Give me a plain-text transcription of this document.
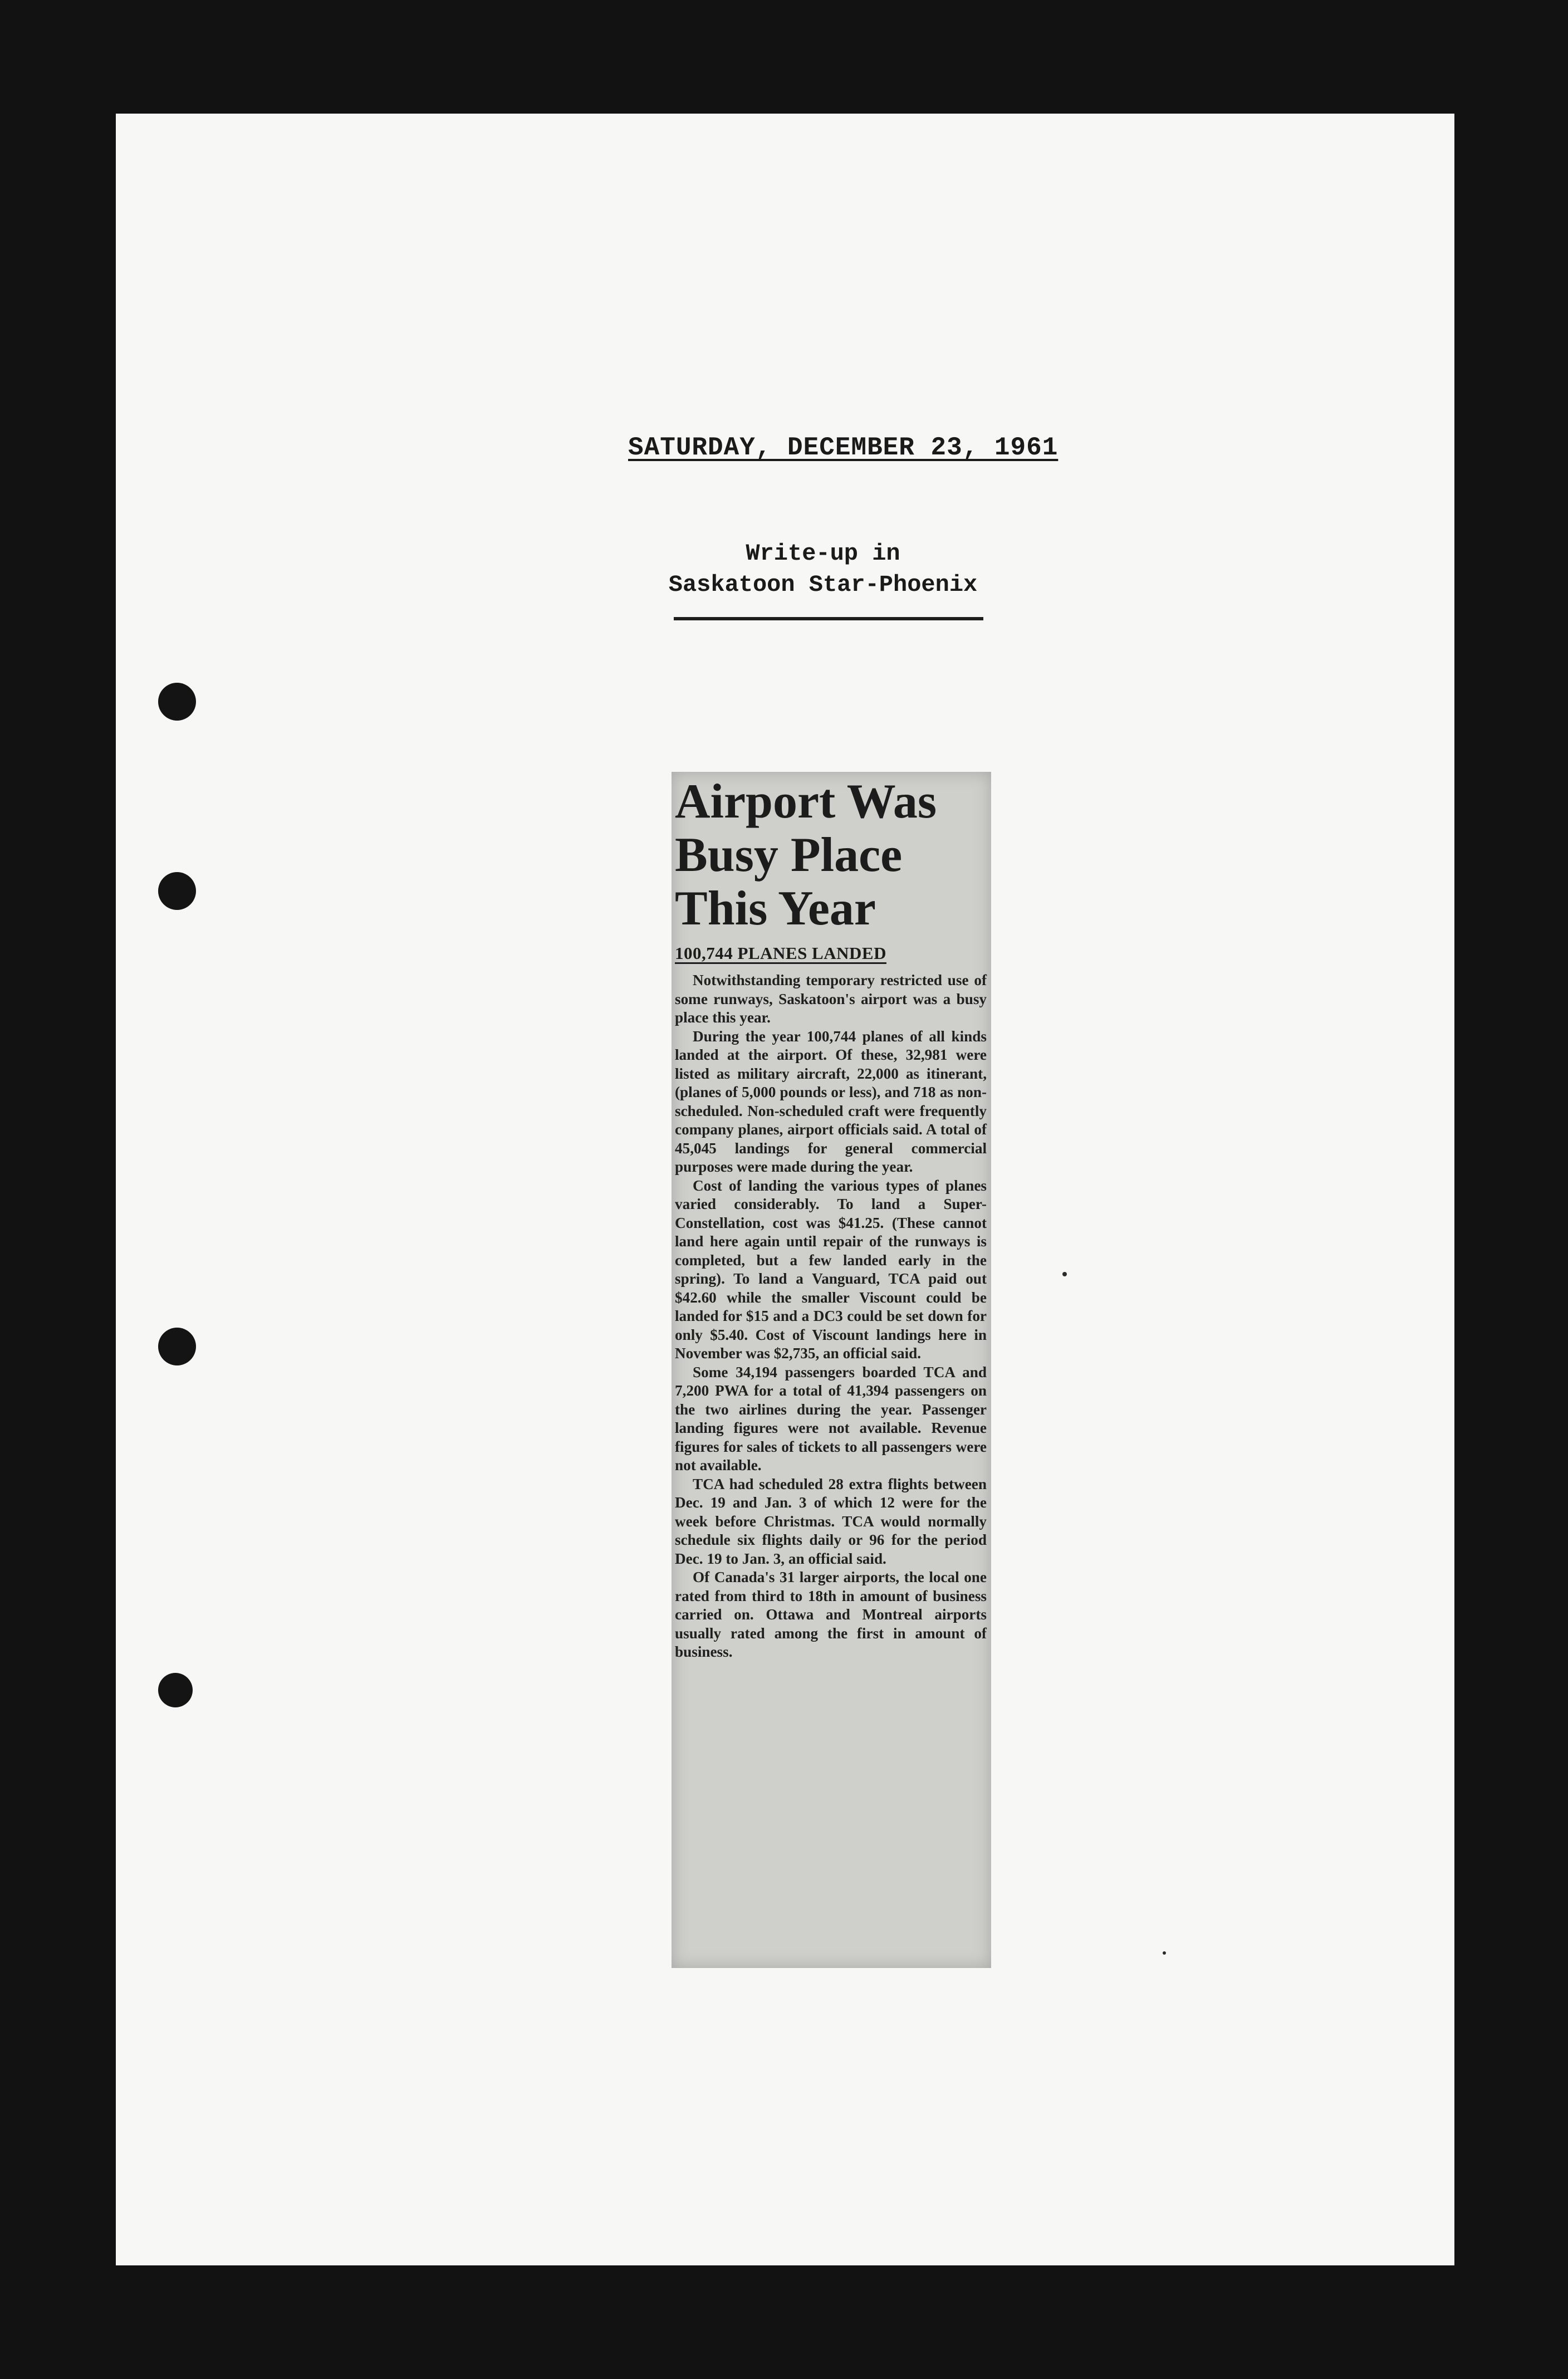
SATURDAY, DECEMBER 23, 1961
Write-up in
Saskatoon Star-Phoenix
Airport Was
Busy Place
This Year
100,744 PLANES LANDED

Notwithstanding temporary restricted use of some runways, Saskatoon's airport was a busy place this year.

During the year 100,744 planes of all kinds landed at the airport. Of these, 32,981 were listed as military aircraft, 22,000 as itinerant, (planes of 5,000 pounds or less), and 718 as non-scheduled. Non-scheduled craft were frequently company planes, airport officials said. A total of 45,045 landings for general commercial purposes were made during the year.

Cost of landing the various types of planes varied considerably. To land a Super-Constellation, cost was $41.25. (These cannot land here again until repair of the runways is completed, but a few landed early in the spring). To land a Vanguard, TCA paid out $42.60 while the smaller Viscount could be landed for $15 and a DC3 could be set down for only $5.40. Cost of Viscount landings here in November was $2,735, an official said.

Some 34,194 passengers boarded TCA and 7,200 PWA for a total of 41,394 passengers on the two airlines during the year. Passenger landing figures were not available. Revenue figures for sales of tickets to all passengers were not available.

TCA had scheduled 28 extra flights between Dec. 19 and Jan. 3 of which 12 were for the week before Christmas. TCA would normally schedule six flights daily or 96 for the period Dec. 19 to Jan. 3, an official said.

Of Canada's 31 larger airports, the local one rated from third to 18th in amount of business carried on. Ottawa and Montreal airports usually rated among the first in amount of business.
